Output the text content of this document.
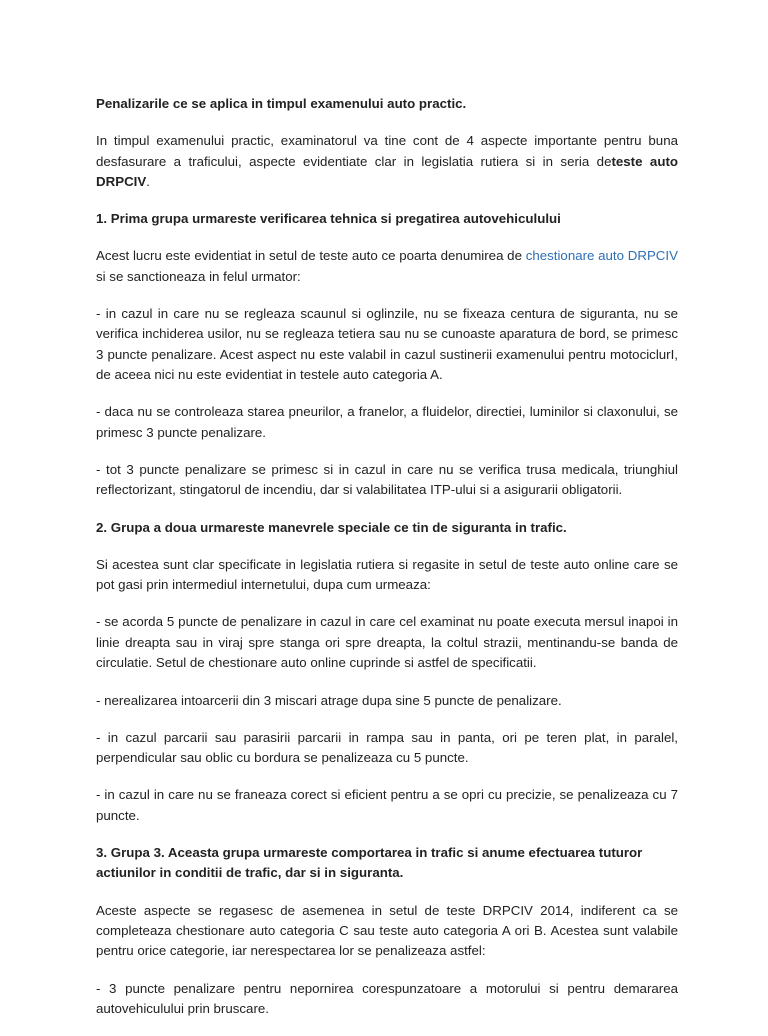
Penalizarile ce se aplica in timpul examenului auto practic.

In timpul examenului practic, examinatorul va tine cont de 4 aspecte importante pentru buna desfasurare a traficului, aspecte evidentiate clar in legislatia rutiera si in seria deteste auto DRPCIV.

1. Prima grupa urmareste verificarea tehnica si pregatirea autovehiculului

Acest lucru este evidentiat in setul de teste auto ce poarta denumirea de chestionare auto DRPCIV si se sanctioneaza in felul urmator:

- in cazul in care nu se regleaza scaunul si oglinzile, nu se fixeaza centura de siguranta, nu se verifica inchiderea usilor, nu se regleaza tetiera sau nu se cunoaste aparatura de bord, se primesc 3 puncte penalizare. Acest aspect nu este valabil in cazul sustinerii examenului pentru motociclurI, de aceea nici nu este evidentiat in testele auto categoria A.

- daca nu se controleaza starea pneurilor, a franelor, a fluidelor, directiei, luminilor si claxonului, se primesc 3 puncte penalizare.

- tot 3 puncte penalizare se primesc si in cazul in care nu se verifica trusa medicala, triunghiul reflectorizant, stingatorul de incendiu, dar si valabilitatea ITP-ului si a asigurarii obligatorii.

2. Grupa a doua urmareste manevrele speciale ce tin de siguranta in trafic.

Si acestea sunt clar specificate in legislatia rutiera si regasite in setul de teste auto online care se pot gasi prin intermediul internetului, dupa cum urmeaza:

- se acorda 5 puncte de penalizare in cazul in care cel examinat nu poate executa mersul inapoi in linie dreapta sau in viraj spre stanga ori spre dreapta, la coltul strazii, mentinandu-se banda de circulatie. Setul de chestionare auto online cuprinde si astfel de specificatii.

- nerealizarea intoarcerii din 3 miscari atrage dupa sine 5 puncte de penalizare.

- in cazul parcarii sau parasirii parcarii in rampa sau in panta, ori pe teren plat, in paralel, perpendicular sau oblic cu bordura se penalizeaza cu 5 puncte.

- in cazul in care nu se franeaza corect si eficient pentru a se opri cu precizie, se penalizeaza cu 7 puncte.

3. Grupa 3. Aceasta grupa urmareste comportarea in trafic si anume efectuarea tuturor actiunilor in conditii de trafic, dar si in siguranta.

Aceste aspecte se regasesc de asemenea in setul de teste DRPCIV 2014, indiferent ca se completeaza chestionare auto categoria C sau teste auto categoria A ori B. Acestea sunt valabile pentru orice categorie, iar nerespectarea lor se penalizeaza astfel:

- 3 puncte penalizare pentru nepornirea corespunzatoare a motorului si pentru demararea autovehiculului prin bruscare.
